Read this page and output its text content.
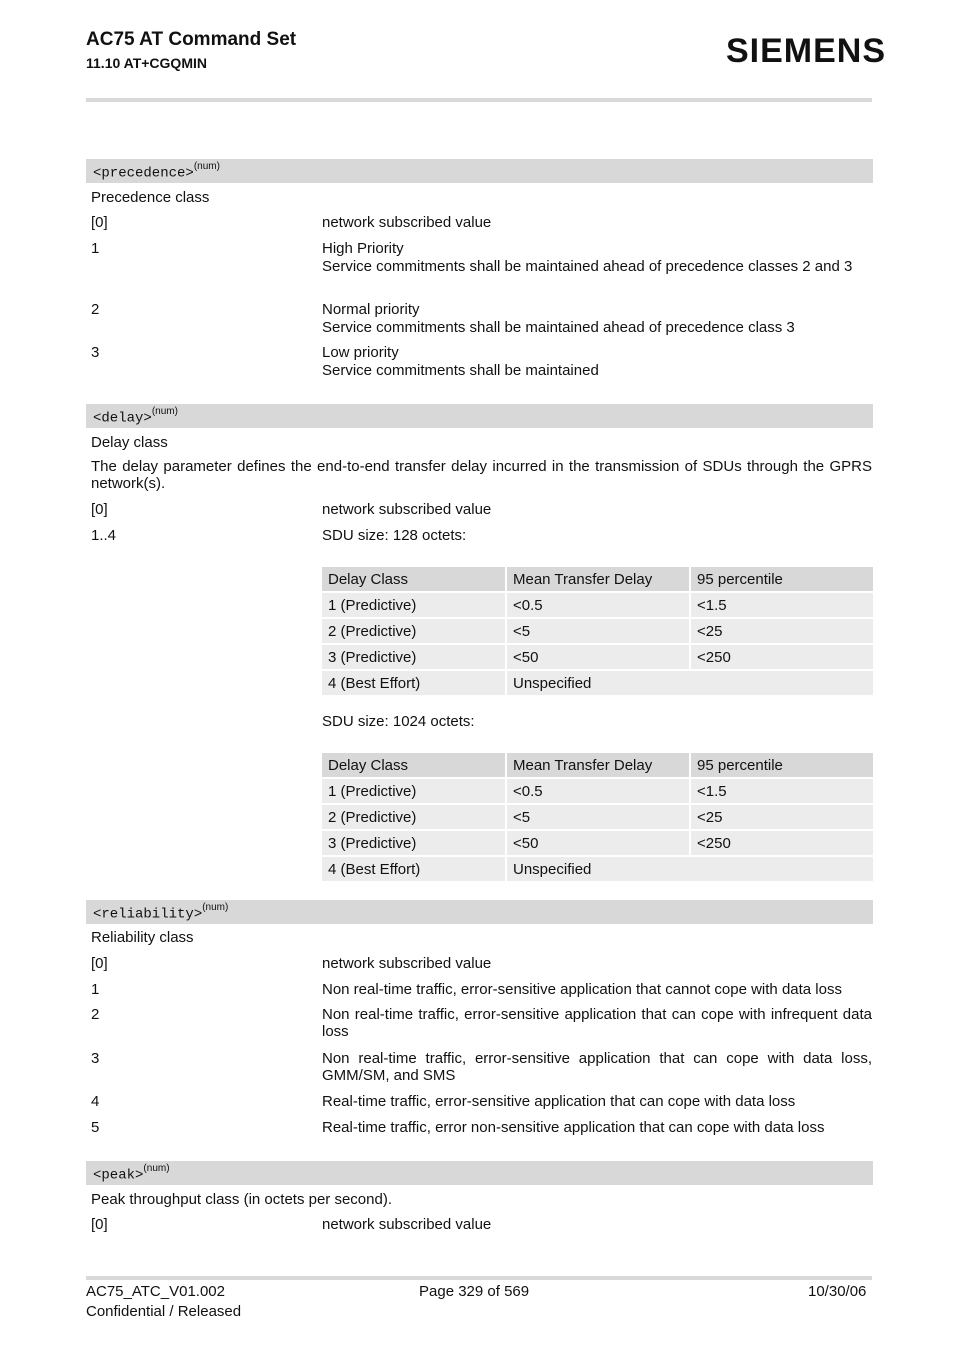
AC75 AT Command Set
11.10 AT+CGQMIN	SIEMENS
<precedence>$^{(num)}$
Precedence class
[0]	network subscribed value
1	High Priority
Service commitments shall be maintained ahead of precedence classes 2 and 3
2	Normal priority
Service commitments shall be maintained ahead of precedence class 3
3	Low priority
Service commitments shall be maintained
<delay>$^{(num)}$
Delay class
The delay parameter defines the end-to-end transfer delay incurred in the transmission of SDUs through the GPRS network(s).
[0]	network subscribed value
1..4	SDU size: 128 octets:
Delay Class	Mean Transfer Delay	95 percentile
1 (Predictive)	<0.5	<1.5
2 (Predictive)	<5	<25
3 (Predictive)	<50	<250
4 (Best Effort)	Unspecified	
SDU size: 1024 octets:
Delay Class	Mean Transfer Delay	95 percentile
1 (Predictive)	<0.5	<1.5
2 (Predictive)	<5	<25
3 (Predictive)	<50	<250
4 (Best Effort)	Unspecified	
<reliability>$^{(num)}$
Reliability class
[0]	network subscribed value
1	Non real-time traffic, error-sensitive application that cannot cope with data loss
2	Non real-time traffic, error-sensitive application that can cope with infrequent data loss
3	Non real-time traffic, error-sensitive application that can cope with data loss, GMM/SM, and SMS
4	Real-time traffic, error-sensitive application that can cope with data loss
5	Real-time traffic, error non-sensitive application that can cope with data loss
<peak>$^{(num)}$
Peak throughput class (in octets per second).
[0]	network subscribed value
AC75_ATC_V01.002
Confidential / Released
Page 329 of 569	10/30/06
